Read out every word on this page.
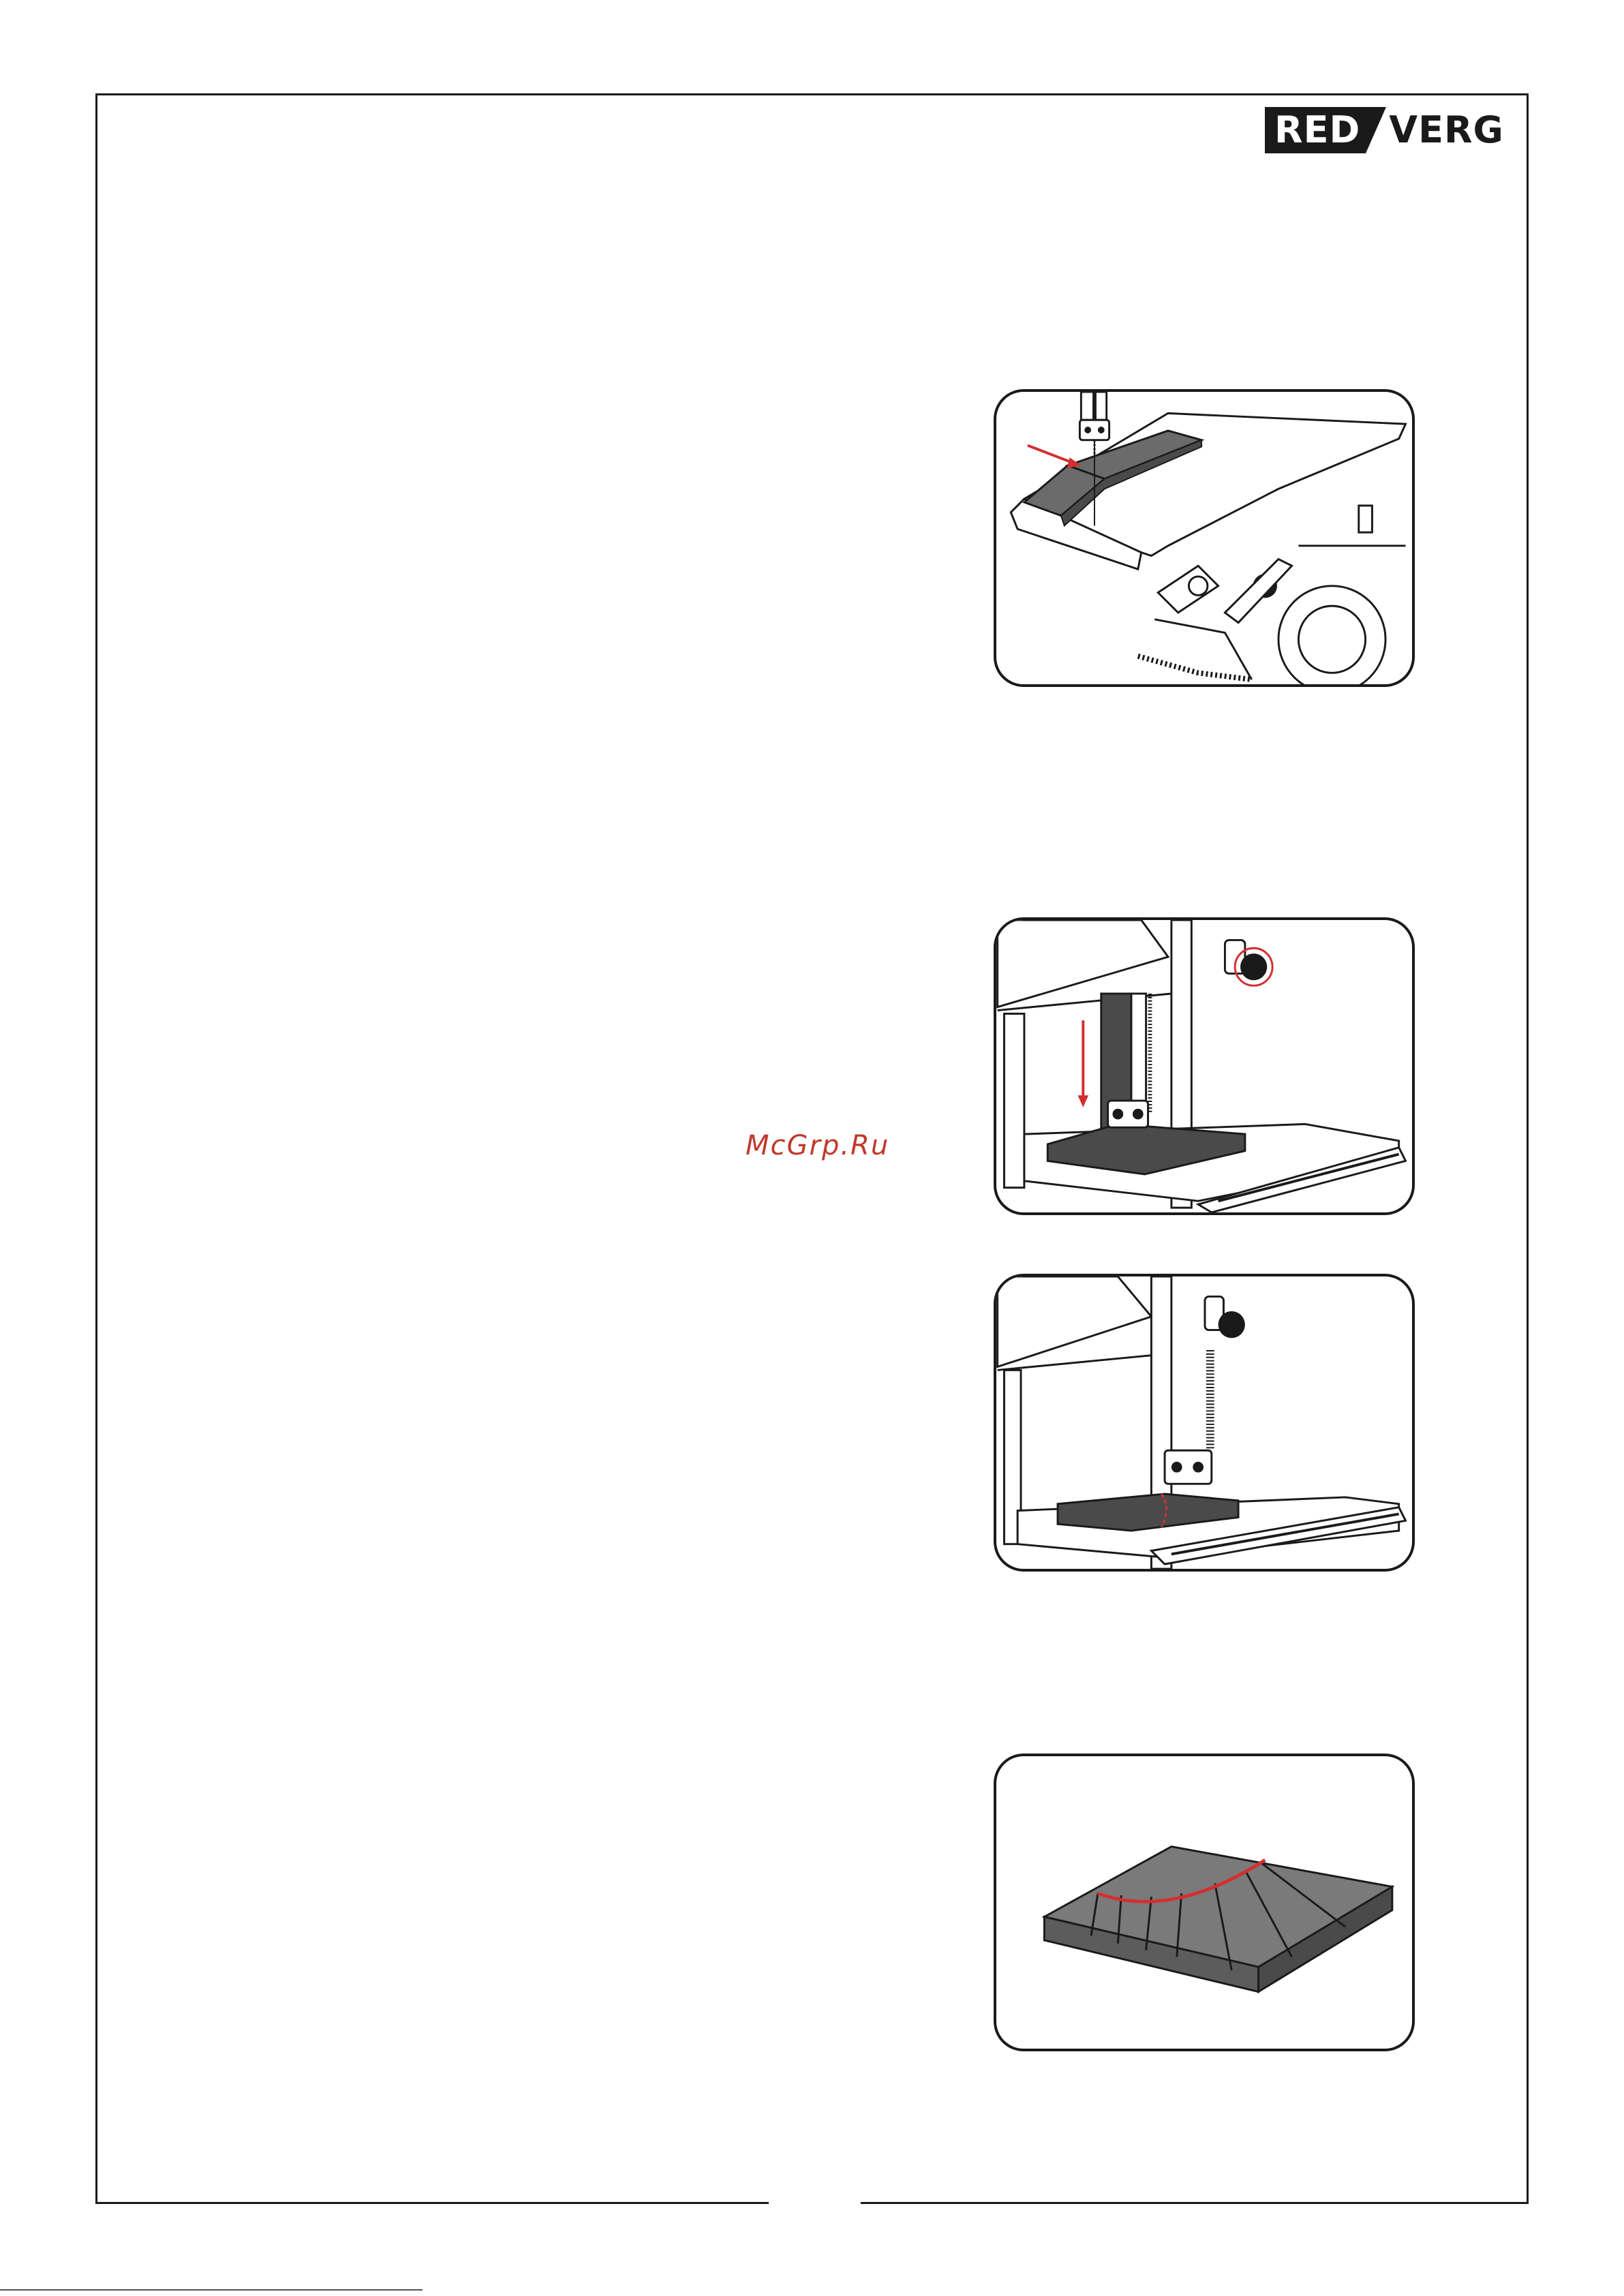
RED VERG
McGrp.Ru
